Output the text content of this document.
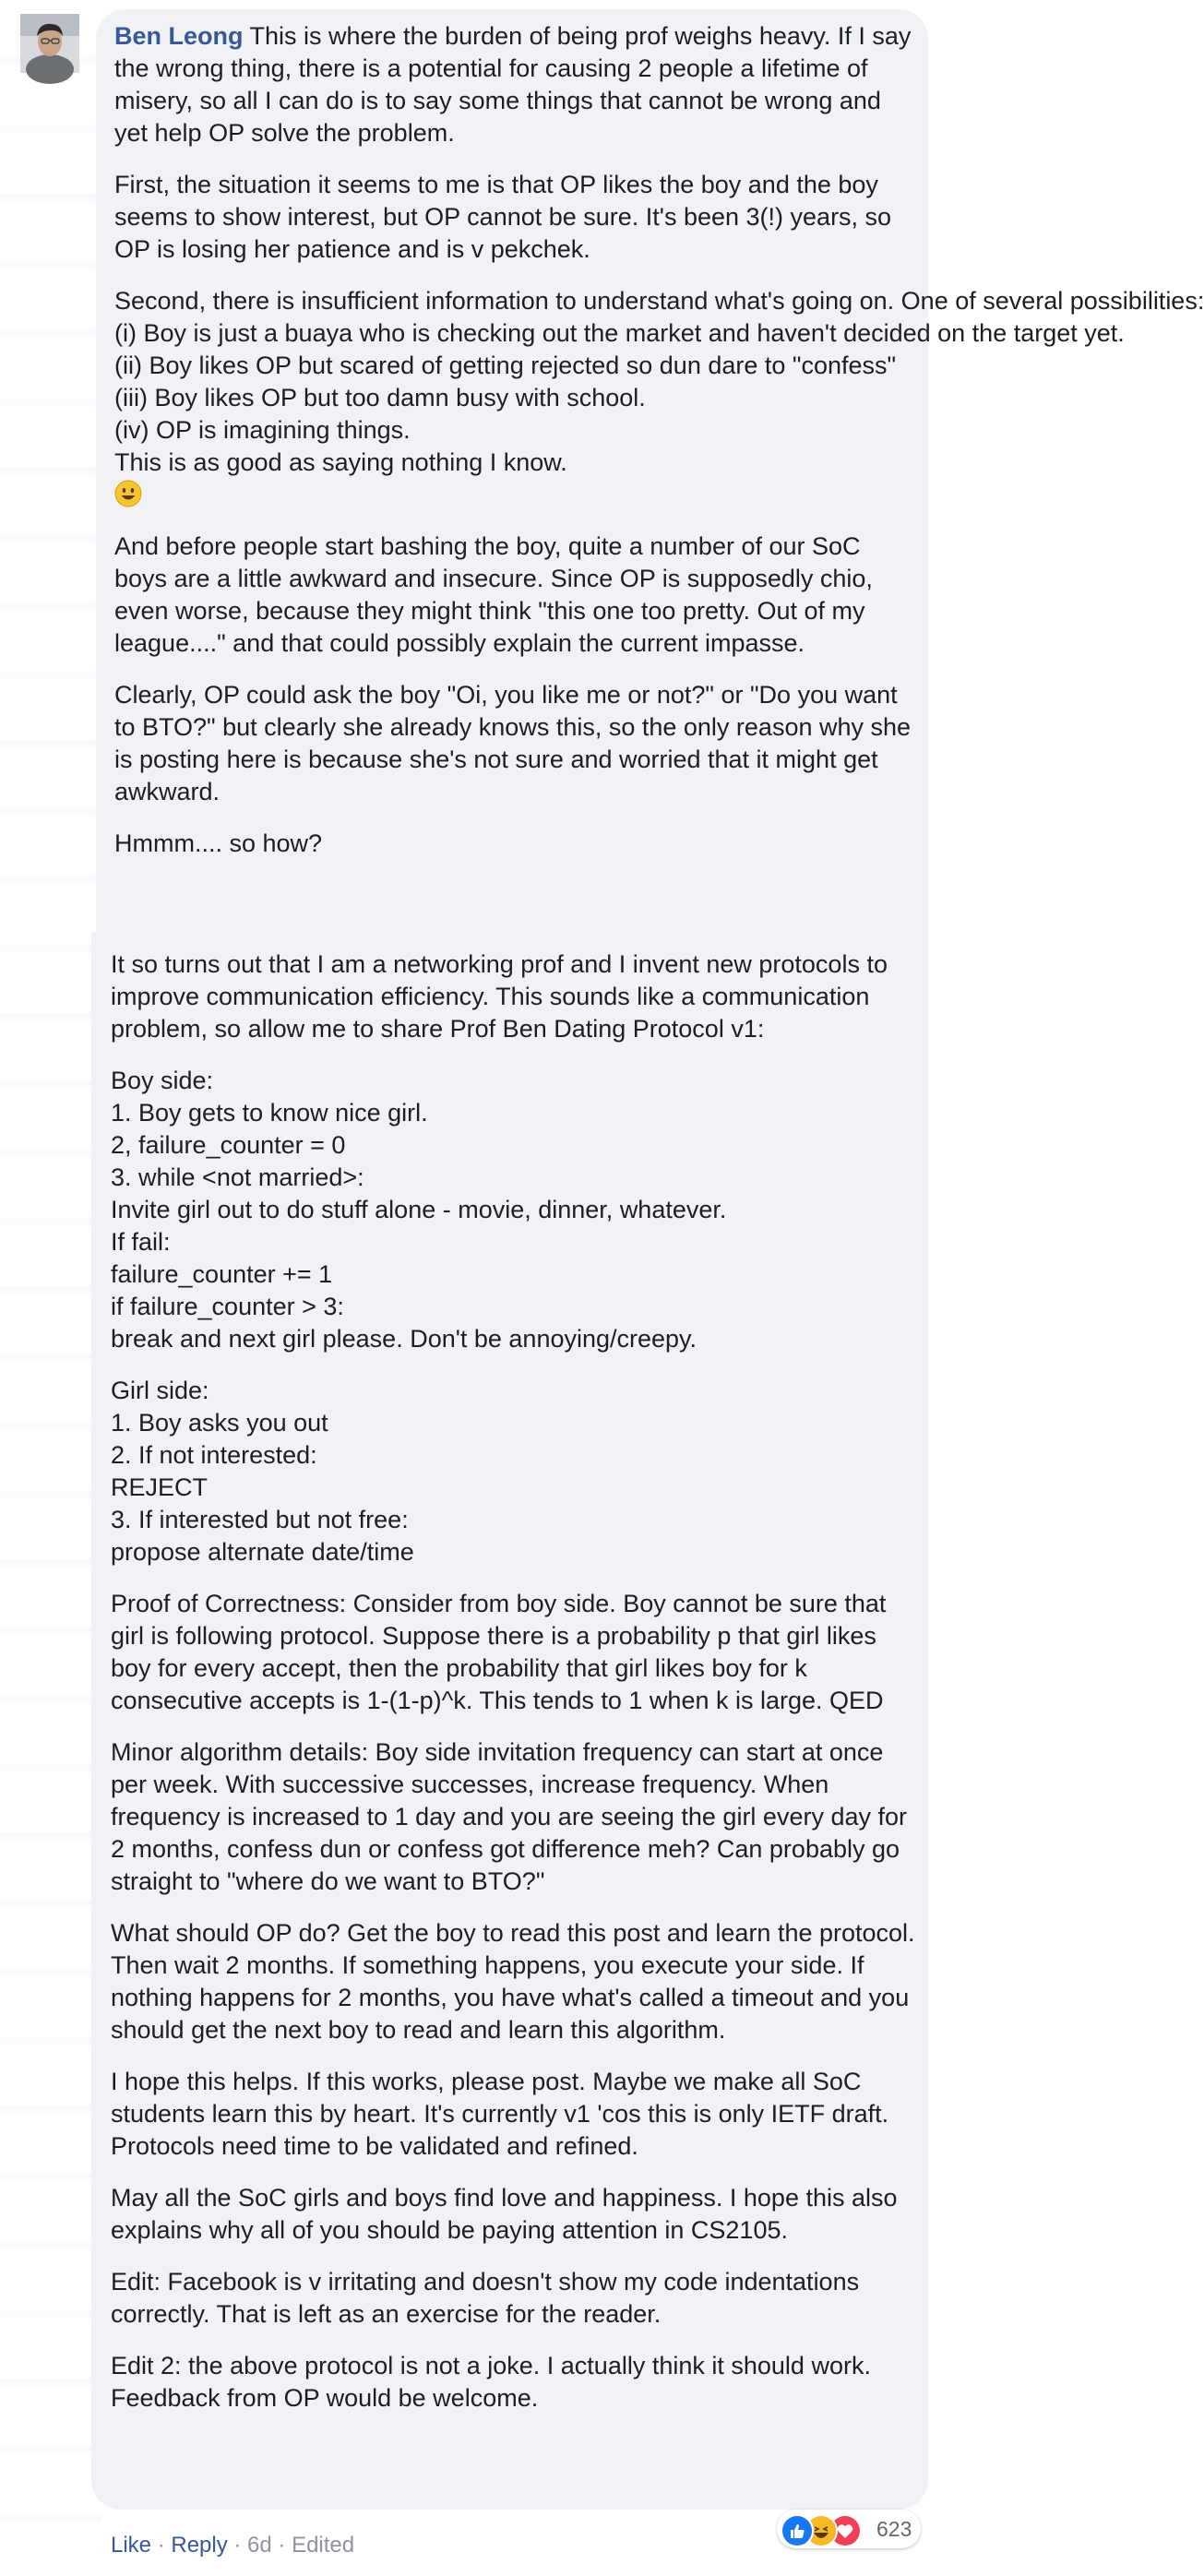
Ben Leong This is where the burden of being prof weighs heavy. If I say the wrong thing, there is a potential for causing 2 people a lifetime of misery, so all I can do is to say some things that cannot be wrong and yet help OP solve the problem.
First, the situation it seems to me is that OP likes the boy and the boy seems to show interest, but OP cannot be sure. It's been 3(!) years, so OP is losing her patience and is v pekchek.
Second, there is insufficient information to understand what's going on. One of several possibilities:
(i) Boy is just a buaya who is checking out the market and haven't decided on the target yet.
(ii) Boy likes OP but scared of getting rejected so dun dare to "confess"
(iii) Boy likes OP but too damn busy with school.
(iv) OP is imagining things.
This is as good as saying nothing I know.
And before people start bashing the boy, quite a number of our SoC boys are a little awkward and insecure. Since OP is supposedly chio, even worse, because they might think "this one too pretty. Out of my league...." and that could possibly explain the current impasse.
Clearly, OP could ask the boy "Oi, you like me or not?" or "Do you want to BTO?" but clearly she already knows this, so the only reason why she is posting here is because she's not sure and worried that it might get awkward.
Hmmm.... so how?
It so turns out that I am a networking prof and I invent new protocols to improve communication efficiency. This sounds like a communication problem, so allow me to share Prof Ben Dating Protocol v1:
Boy side:
1. Boy gets to know nice girl.
2, failure_counter = 0
3. while <not married>:
Invite girl out to do stuff alone - movie, dinner, whatever.
If fail:
failure_counter += 1
if failure_counter > 3:
break and next girl please. Don't be annoying/creepy.
Girl side:
1. Boy asks you out
2. If not interested:
REJECT
3. If interested but not free:
propose alternate date/time
Proof of Correctness: Consider from boy side. Boy cannot be sure that girl is following protocol. Suppose there is a probability p that girl likes boy for every accept, then the probability that girl likes boy for k consecutive accepts is 1-(1-p)^k. This tends to 1 when k is large. QED
Minor algorithm details: Boy side invitation frequency can start at once per week. With successive successes, increase frequency. When frequency is increased to 1 day and you are seeing the girl every day for 2 months, confess dun or confess got difference meh? Can probably go straight to "where do we want to BTO?"
What should OP do? Get the boy to read this post and learn the protocol. Then wait 2 months. If something happens, you execute your side. If nothing happens for 2 months, you have what's called a timeout and you should get the next boy to read and learn this algorithm.
I hope this helps. If this works, please post. Maybe we make all SoC students learn this by heart. It's currently v1 'cos this is only IETF draft. Protocols need time to be validated and refined.
May all the SoC girls and boys find love and happiness. I hope this also explains why all of you should be paying attention in CS2105.
Edit: Facebook is v irritating and doesn't show my code indentations correctly. That is left as an exercise for the reader.
Edit 2: the above protocol is not a joke. I actually think it should work. Feedback from OP would be welcome.
623
Like · Reply · 6d · Edited
